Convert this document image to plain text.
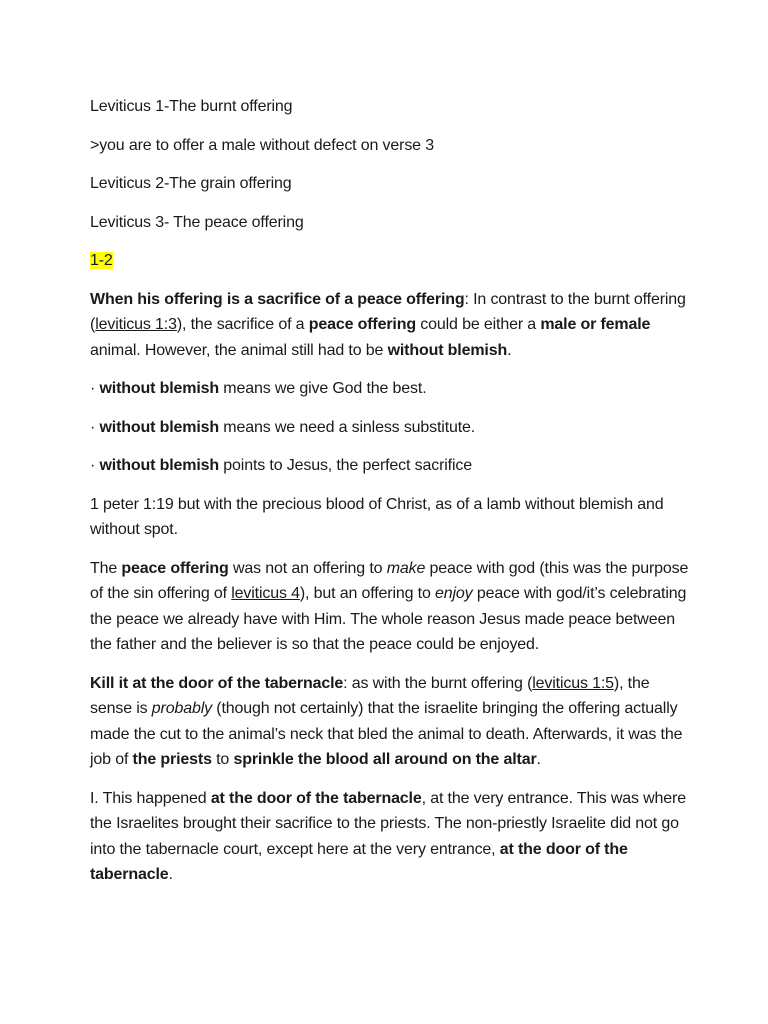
Leviticus 1-The burnt offering

>you are to offer a male without defect on verse 3

Leviticus 2-The grain offering

Leviticus 3- The peace offering

1-2

When his offering is a sacrifice of a peace offering: In contrast to the burnt offering (leviticus 1:3), the sacrifice of a peace offering could be either a male or female animal. However, the animal still had to be without blemish.

· without blemish means we give God the best.

· without blemish means we need a sinless substitute.

· without blemish points to Jesus, the perfect sacrifice

1 peter 1:19 but with the precious blood of Christ, as of a lamb without blemish and without spot.

The peace offering was not an offering to make peace with god (this was the purpose of the sin offering of leviticus 4), but an offering to enjoy peace with god/it’s celebrating the peace we already have with Him. The whole reason Jesus made peace between the father and the believer is so that the peace could be enjoyed.

Kill it at the door of the tabernacle: as with the burnt offering (leviticus 1:5), the sense is probably (though not certainly) that the israelite bringing the offering actually made the cut to the animal’s neck that bled the animal to death. Afterwards, it was the job of the priests to sprinkle the blood all around on the altar.

I. This happened at the door of the tabernacle, at the very entrance. This was where the Israelites brought their sacrifice to the priests. The non-priestly Israelite did not go into the tabernacle court, except here at the very entrance, at the door of the tabernacle.
